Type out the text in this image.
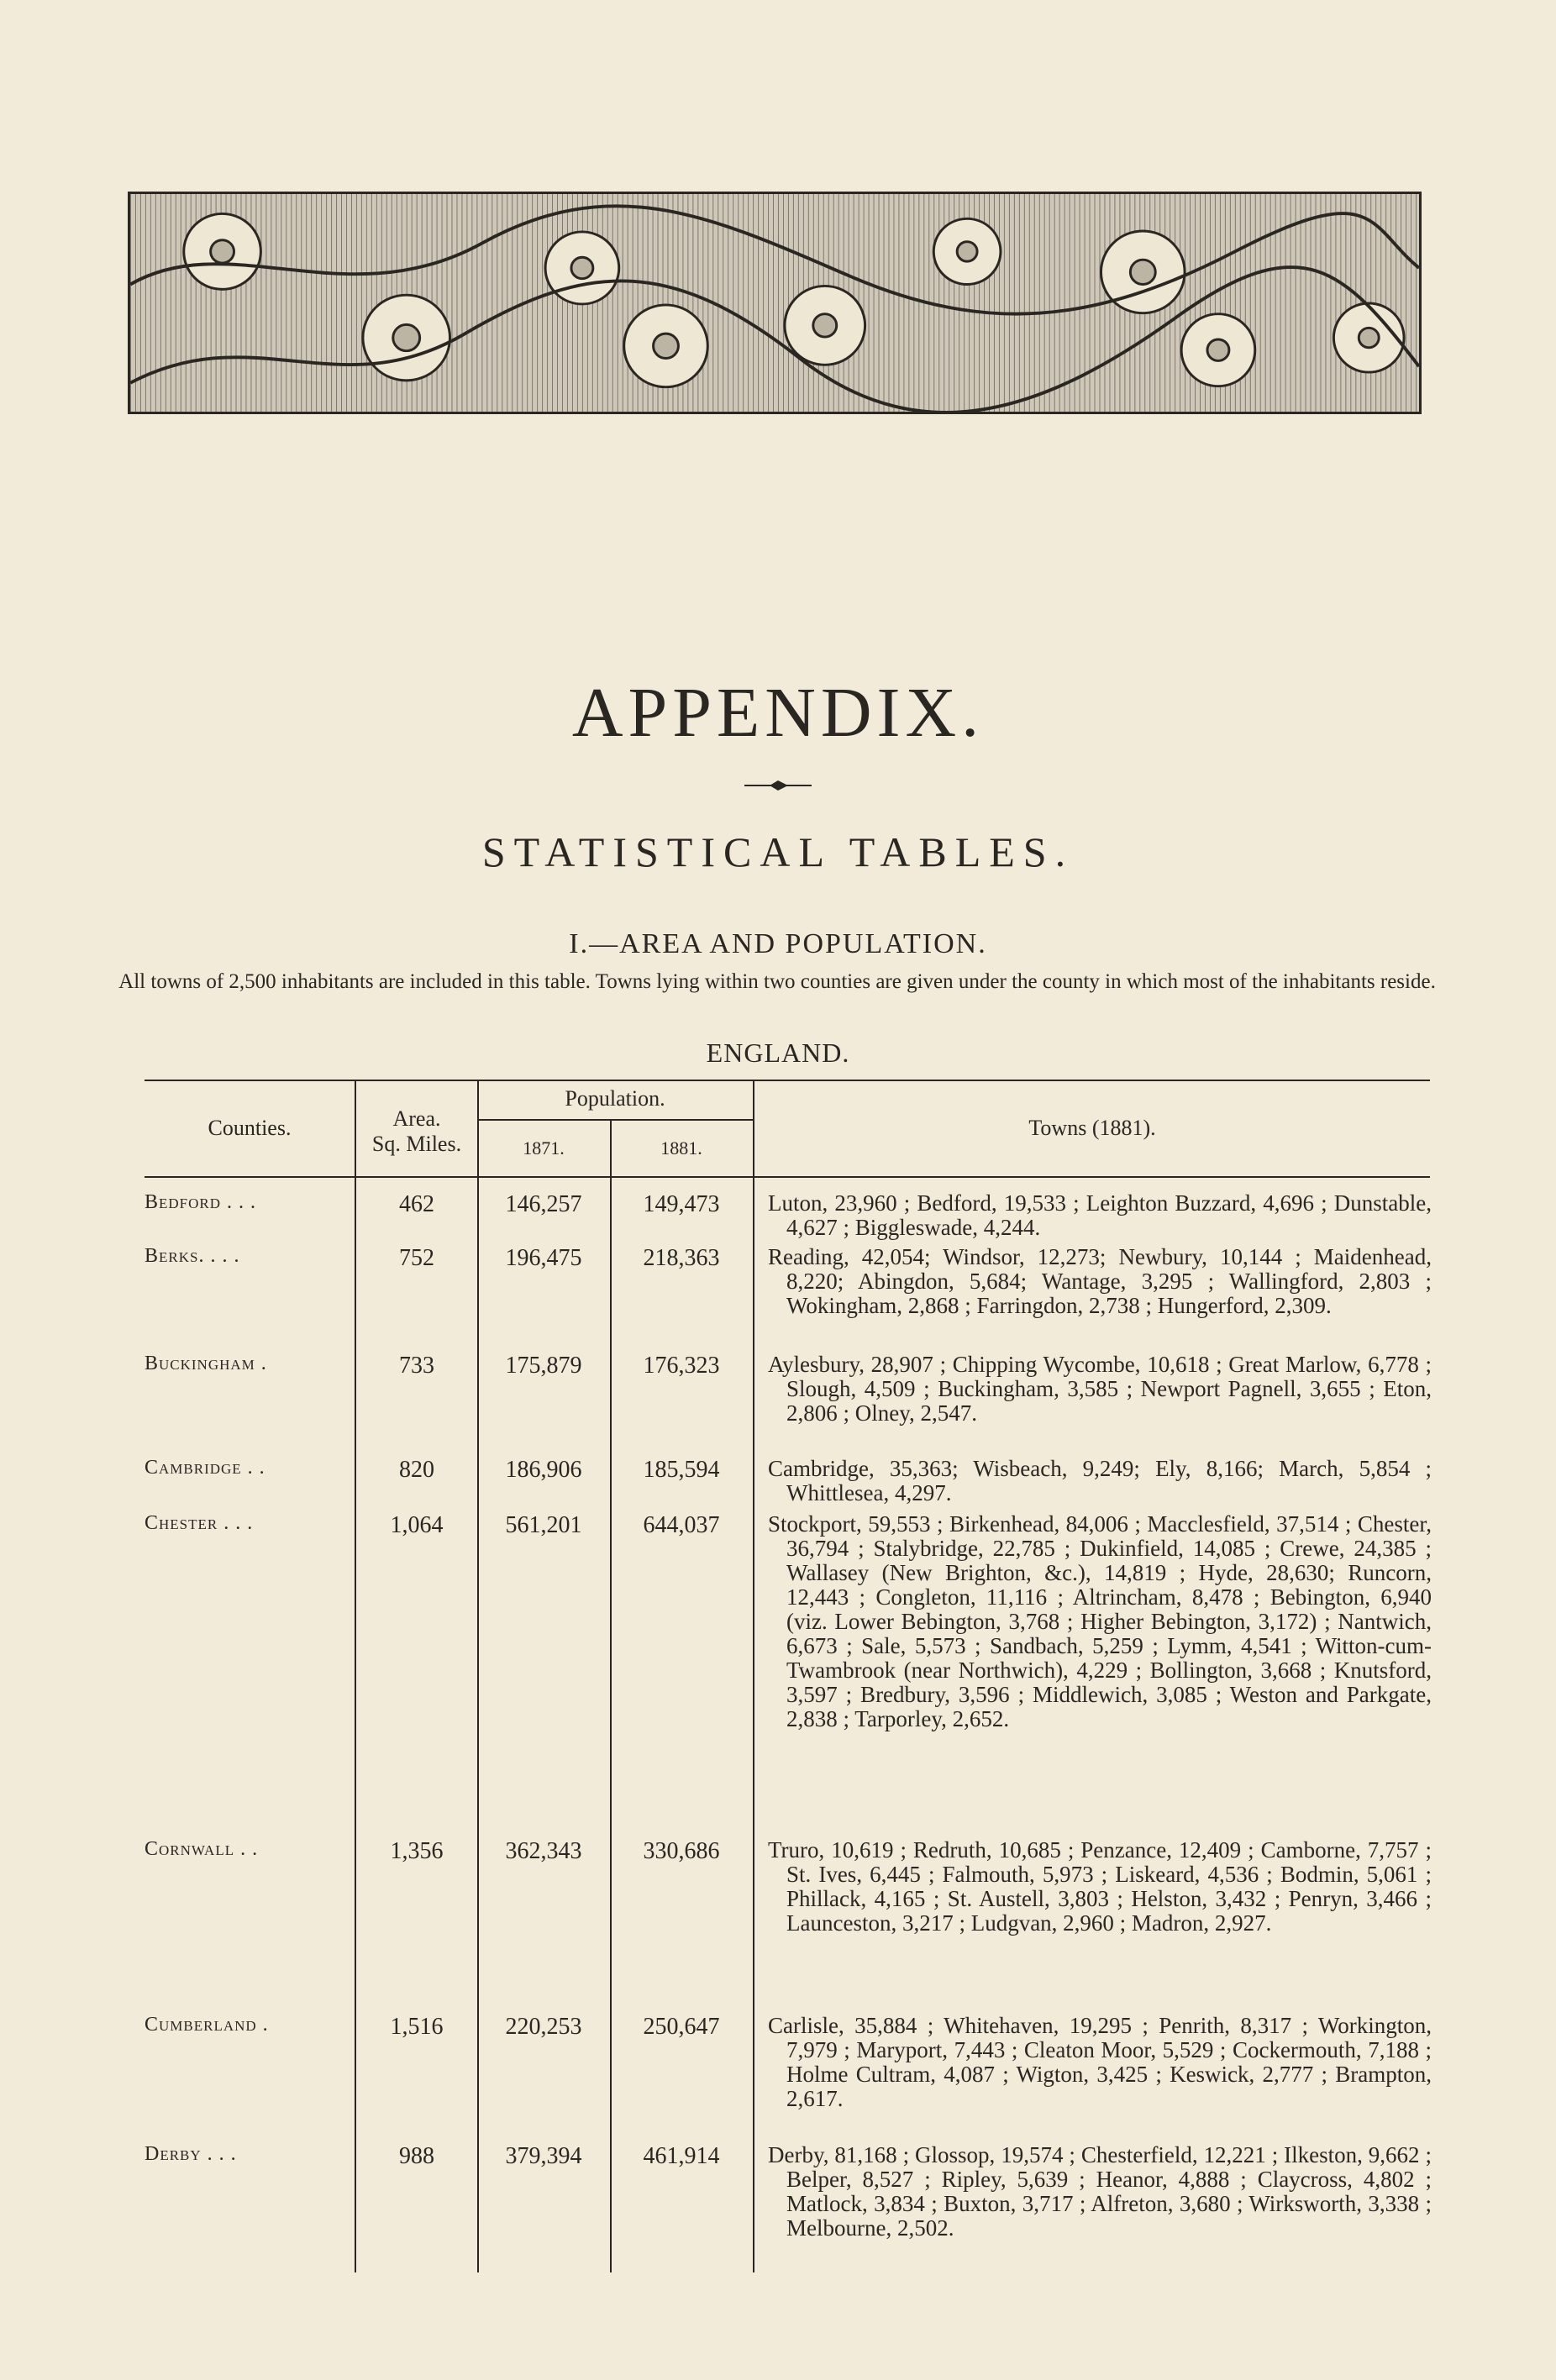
APPENDIX.
STATISTICAL TABLES.
I.—AREA AND POPULATION.
All towns of 2,500 inhabitants are included in this table. Towns lying within two counties are given under the county in which most of the inhabitants reside.
ENGLAND.
Counties.	Area.
Sq. Miles.
Population.
1871.	1881.
Towns (1881).
Bedford . . .	462	146,257	149,473	Luton, 23,960 ; Bedford, 19,533 ; Leighton Buzzard, 4,696 ; Dunstable, 4,627 ; Biggleswade, 4,244.
Berks. . . .	752	196,475	218,363	Reading, 42,054; Windsor, 12,273; Newbury, 10,144 ; Maidenhead, 8,220; Abingdon, 5,684; Wantage, 3,295 ; Wallingford, 2,803 ; Wokingham, 2,868 ; Farringdon, 2,738 ; Hungerford, 2,309.
Buckingham .	733	175,879	176,323	Aylesbury, 28,907 ; Chipping Wycombe, 10,618 ; Great Marlow, 6,778 ; Slough, 4,509 ; Buckingham, 3,585 ; Newport Pagnell, 3,655 ; Eton, 2,806 ; Olney, 2,547.
Cambridge . .	820	186,906	185,594	Cambridge, 35,363; Wisbeach, 9,249; Ely, 8,166; March, 5,854 ; Whittlesea, 4,297.
Chester . . .	1,064	561,201	644,037	Stockport, 59,553 ; Birkenhead, 84,006 ; Macclesfield, 37,514 ; Chester, 36,794 ; Stalybridge, 22,785 ; Dukinfield, 14,085 ; Crewe, 24,385 ; Wallasey (New Brighton, &c.), 14,819 ; Hyde, 28,630; Runcorn, 12,443 ; Congleton, 11,116 ; Altrincham, 8,478 ; Bebington, 6,940 (viz. Lower Bebington, 3,768 ; Higher Bebington, 3,172) ; Nantwich, 6,673 ; Sale, 5,573 ; Sandbach, 5,259 ; Lymm, 4,541 ; Witton-cum-Twambrook (near Northwich), 4,229 ; Bollington, 3,668 ; Knutsford, 3,597 ; Bredbury, 3,596 ; Middlewich, 3,085 ; Weston and Parkgate, 2,838 ; Tarporley, 2,652.
Cornwall . .	1,356	362,343	330,686	Truro, 10,619 ; Redruth, 10,685 ; Penzance, 12,409 ; Camborne, 7,757 ; St. Ives, 6,445 ; Falmouth, 5,973 ; Liskeard, 4,536 ; Bodmin, 5,061 ; Phillack, 4,165 ; St. Austell, 3,803 ; Helston, 3,432 ; Penryn, 3,466 ; Launceston, 3,217 ; Ludgvan, 2,960 ; Madron, 2,927.
Cumberland .	1,516	220,253	250,647	Carlisle, 35,884 ; Whitehaven, 19,295 ; Penrith, 8,317 ; Workington, 7,979 ; Maryport, 7,443 ; Cleaton Moor, 5,529 ; Cockermouth, 7,188 ; Holme Cultram, 4,087 ; Wigton, 3,425 ; Keswick, 2,777 ; Brampton, 2,617.
Derby . . .	988	379,394	461,914	Derby, 81,168 ; Glossop, 19,574 ; Chesterfield, 12,221 ; Ilkeston, 9,662 ; Belper, 8,527 ; Ripley, 5,639 ; Heanor, 4,888 ; Claycross, 4,802 ; Matlock, 3,834 ; Buxton, 3,717 ; Alfreton, 3,680 ; Wirksworth, 3,338 ; Melbourne, 2,502.
